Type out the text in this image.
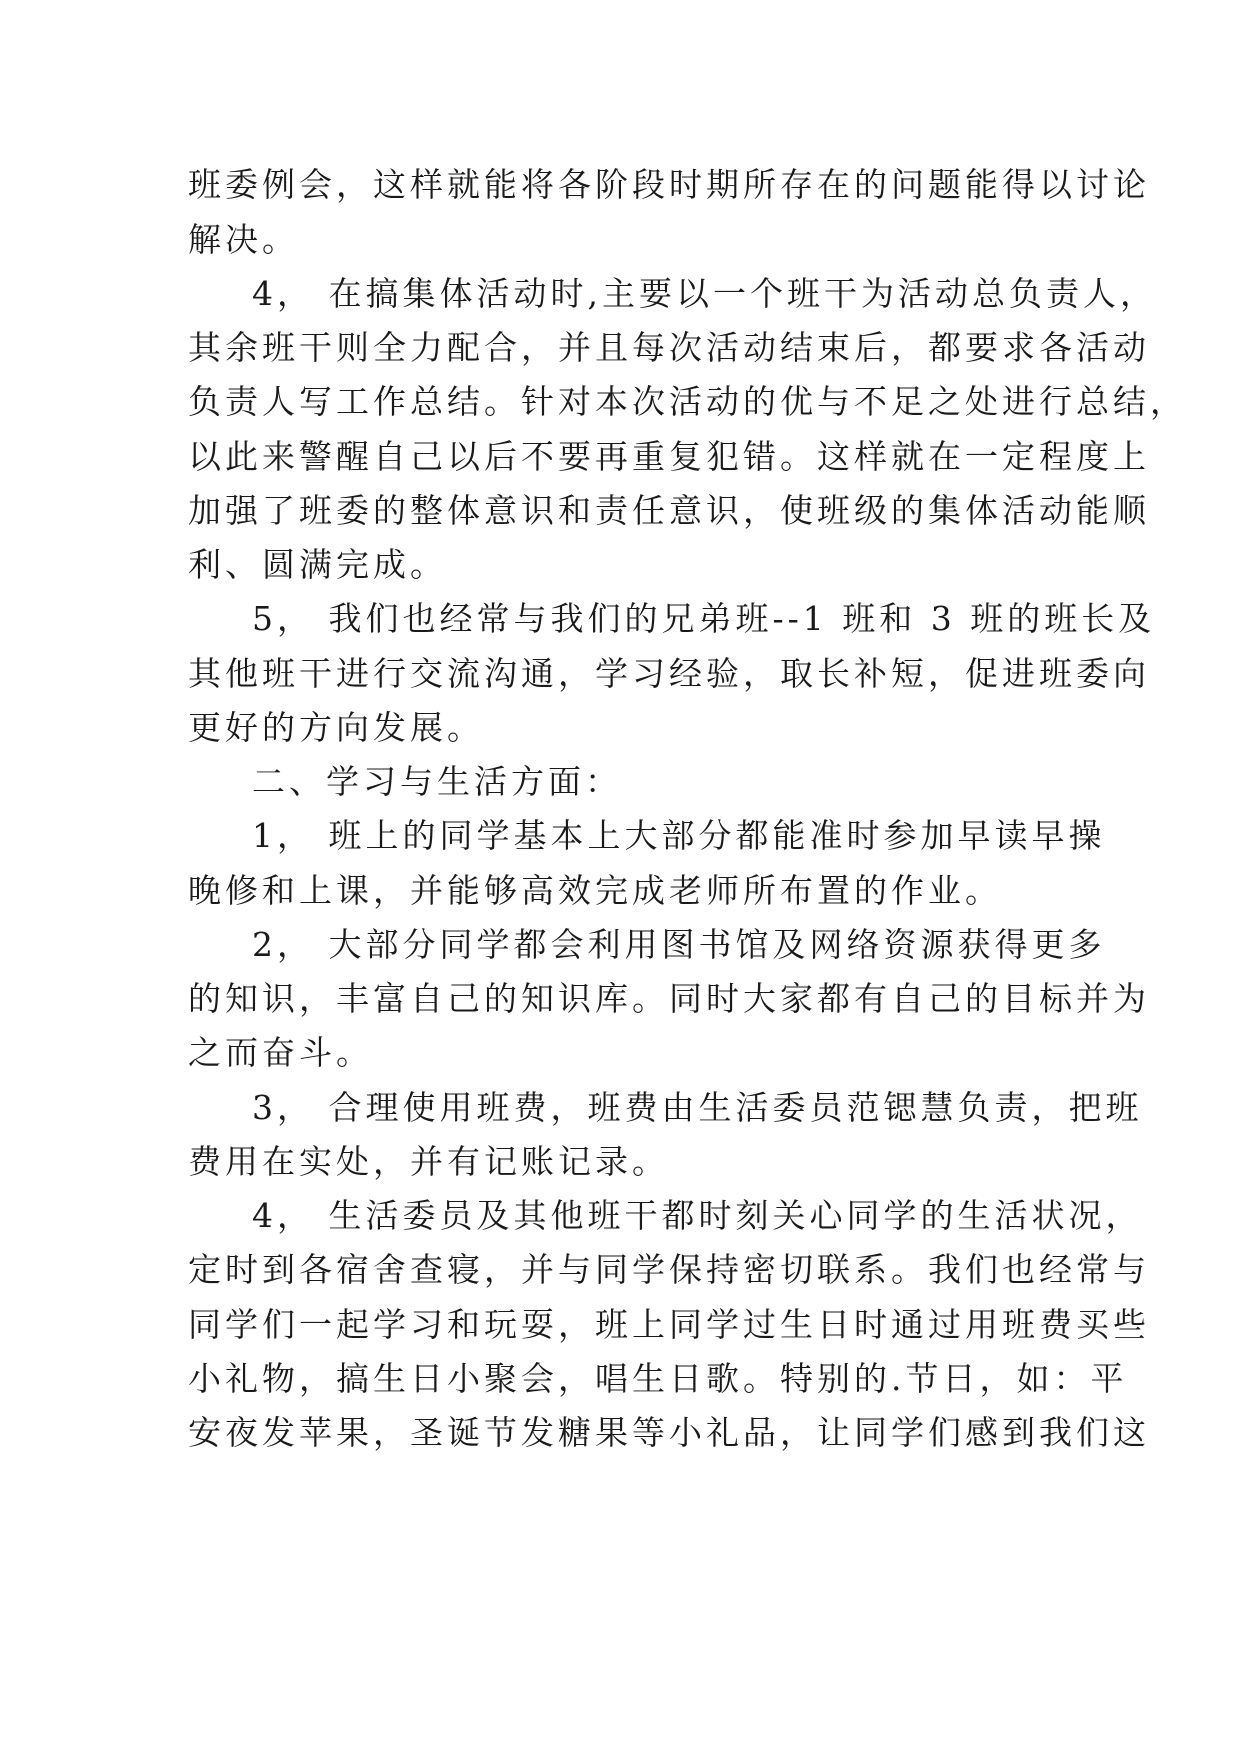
班委例会，这样就能将各阶段时期所存在的问题能得以讨论

解决。

4， 在搞集体活动时,主要以一个班干为活动总负责人，

其余班干则全力配合，并且每次活动结束后，都要求各活动

负责人写工作总结。针对本次活动的优与不足之处进行总结，

以此来警醒自己以后不要再重复犯错。这样就在一定程度上

加强了班委的整体意识和责任意识，使班级的集体活动能顺

利、圆满完成。

5， 我们也经常与我们的兄弟班--1 班和 3 班的班长及

其他班干进行交流沟通，学习经验，取长补短，促进班委向

更好的方向发展。

二、学习与生活方面：

1， 班上的同学基本上大部分都能准时参加早读早操

晚修和上课，并能够高效完成老师所布置的作业。

2， 大部分同学都会利用图书馆及网络资源获得更多

的知识，丰富自己的知识库。同时大家都有自己的目标并为

之而奋斗。

3， 合理使用班费，班费由生活委员范锶慧负责，把班

费用在实处，并有记账记录。

4， 生活委员及其他班干都时刻关心同学的生活状况，

定时到各宿舍查寝，并与同学保持密切联系。我们也经常与

同学们一起学习和玩耍，班上同学过生日时通过用班费买些

小礼物，搞生日小聚会，唱生日歌。特别的.节日，如：平

安夜发苹果，圣诞节发糖果等小礼品，让同学们感到我们这
